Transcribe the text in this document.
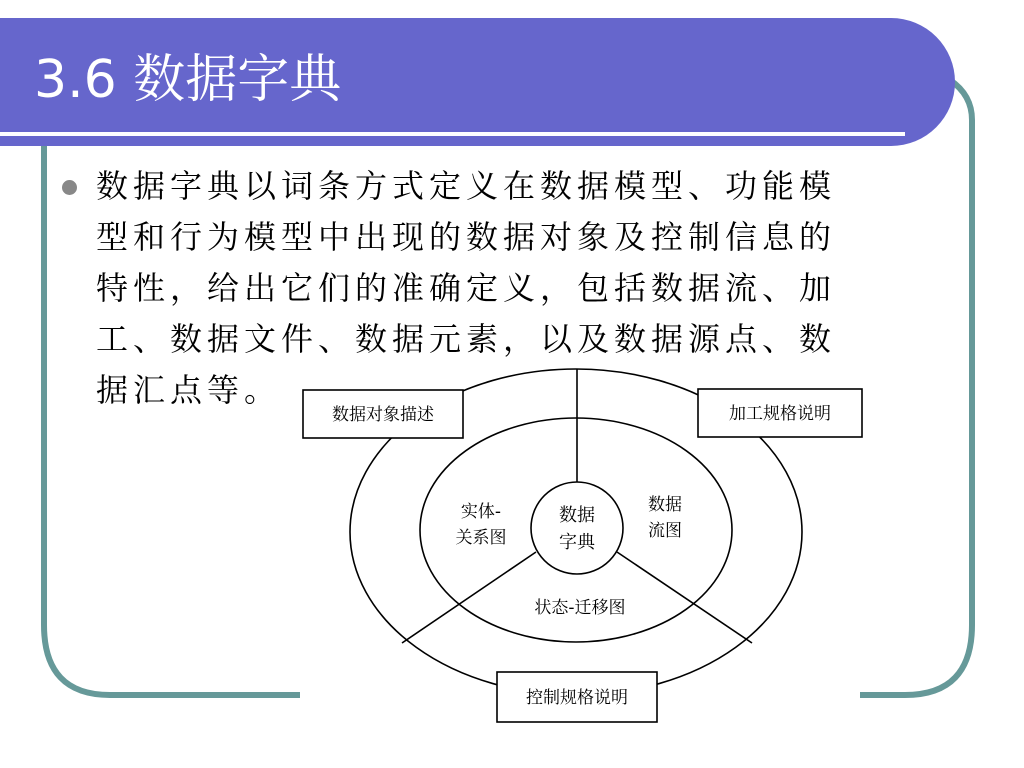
3.6 数据字典
数据字典以词条方式定义在数据模型、功能模
型和行为模型中出现的数据对象及控制信息的
特性，给出它们的准确定义，包括数据流、加
工、数据文件、数据元素，以及数据源点、数
据汇点等。
数据
字典
实体-
关系图
数据
流图
状态-迁移图
数据对象描述	加工规格说明
控制规格说明
